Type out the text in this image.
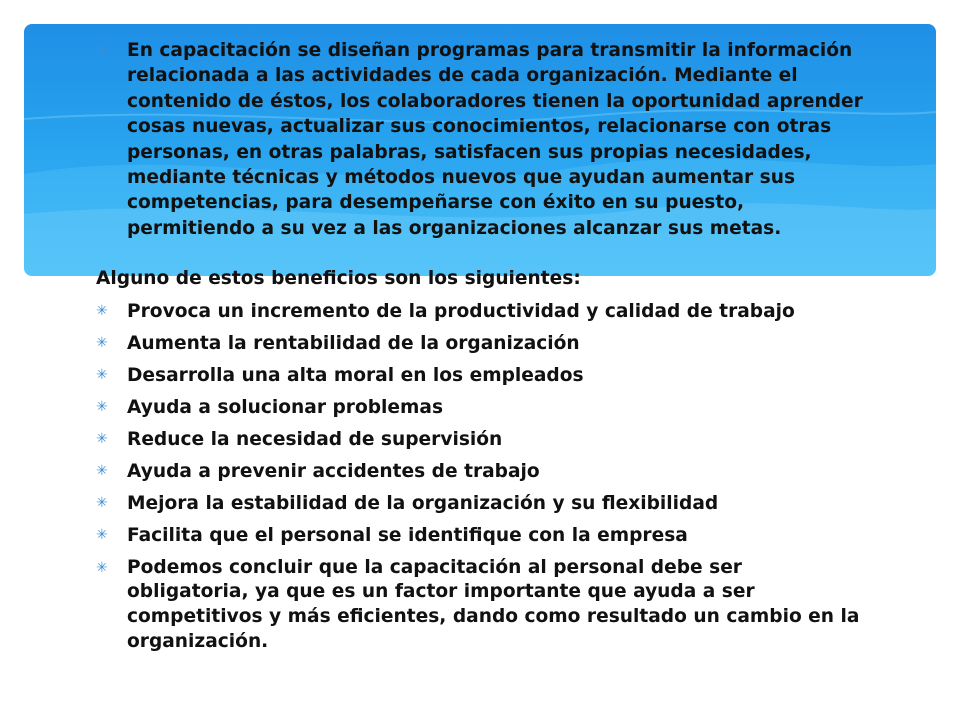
✳	En capacitación se diseñan programas para transmitir la información relacionada a las actividades de cada organización. Mediante el contenido de éstos, los colaboradores tienen la oportunidad aprender cosas nuevas, actualizar sus conocimientos, relacionarse con otras personas, en otras palabras, satisfacen sus propias necesidades, mediante técnicas y métodos nuevos que ayudan aumentar sus competencias, para desempeñarse con éxito en su puesto, permitiendo a su vez a las organizaciones alcanzar sus metas.
Alguno de estos beneficios son los siguientes:
✳	Provoca un incremento de la productividad y calidad de trabajo
✳	Aumenta la rentabilidad de la organización
✳	Desarrolla una alta moral en los empleados
✳	Ayuda a solucionar problemas
✳	Reduce la necesidad de supervisión
✳	Ayuda a prevenir accidentes de trabajo
✳	Mejora la estabilidad de la organización y su flexibilidad
✳	Facilita que el personal se identifique con la empresa
✳	Podemos concluir que la capacitación al personal debe ser obligatoria, ya que es un factor importante que ayuda a ser competitivos y más eficientes, dando como resultado un cambio en la organización.
